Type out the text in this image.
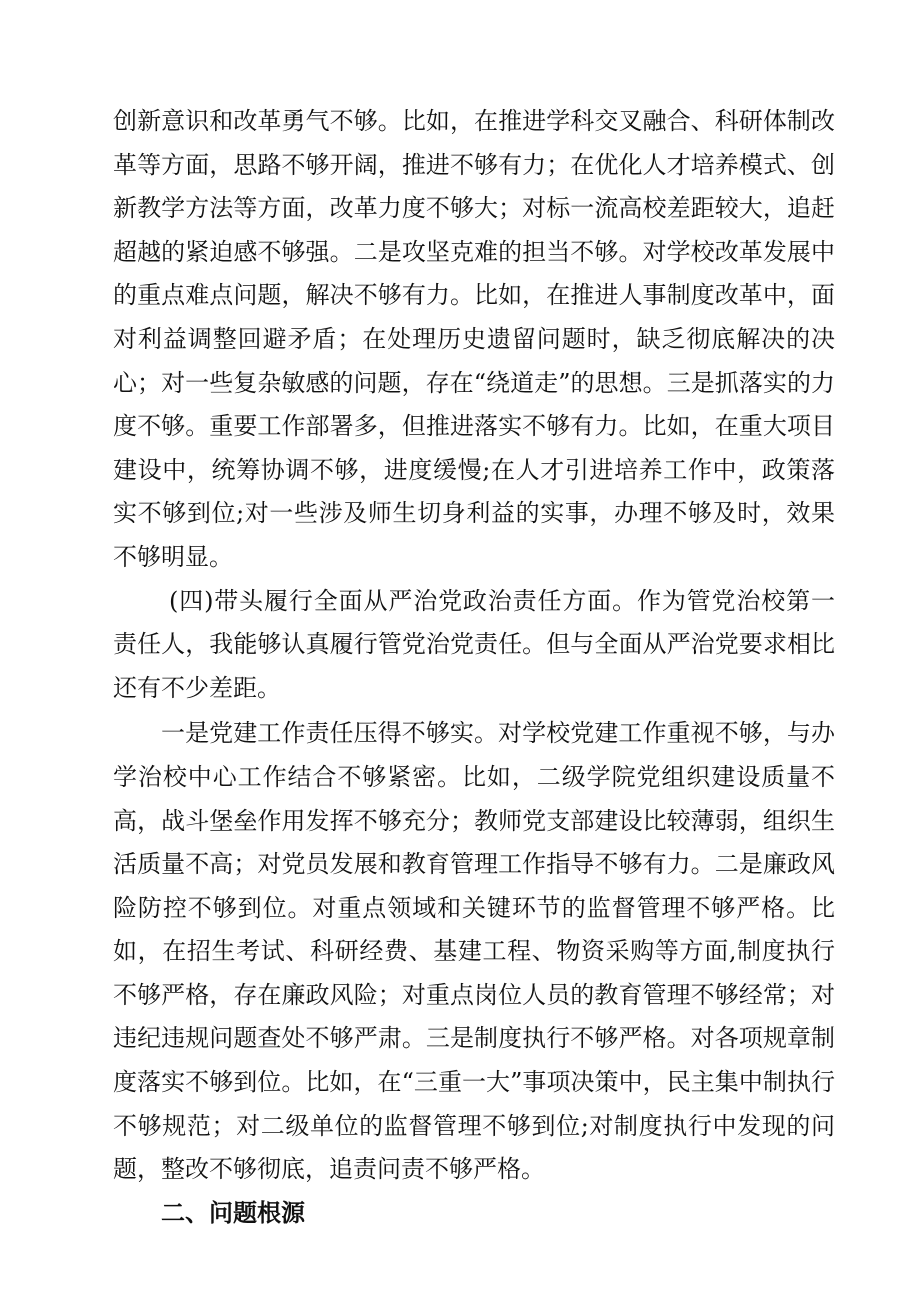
创新意识和改革勇气不够。比如，在推进学科交叉融合、科研体制改革等方面，思路不够开阔，推进不够有力；在优化人才培养模式、创新教学方法等方面，改革力度不够大；对标一流高校差距较大，追赶超越的紧迫感不够强。二是攻坚克难的担当不够。对学校改革发展中的重点难点问题，解决不够有力。比如，在推进人事制度改革中，面对利益调整回避矛盾；在处理历史遗留问题时，缺乏彻底解决的决心；对一些复杂敏感的问题，存在“绕道走”的思想。三是抓落实的力度不够。重要工作部署多，但推进落实不够有力。比如，在重大项目建设中，统筹协调不够，进度缓慢;在人才引进培养工作中，政策落实不够到位;对一些涉及师生切身利益的实事，办理不够及时，效果不够明显。

(四)带头履行全面从严治党政治责任方面。作为管党治校第一责任人，我能够认真履行管党治党责任。但与全面从严治党要求相比还有不少差距。

一是党建工作责任压得不够实。对学校党建工作重视不够，与办学治校中心工作结合不够紧密。比如，二级学院党组织建设质量不高，战斗堡垒作用发挥不够充分；教师党支部建设比较薄弱，组织生活质量不高；对党员发展和教育管理工作指导不够有力。二是廉政风险防控不够到位。对重点领域和关键环节的监督管理不够严格。比如，在招生考试、科研经费、基建工程、物资采购等方面,制度执行不够严格，存在廉政风险；对重点岗位人员的教育管理不够经常；对违纪违规问题查处不够严肃。三是制度执行不够严格。对各项规章制度落实不够到位。比如，在“三重一大”事项决策中，民主集中制执行不够规范；对二级单位的监督管理不够到位;对制度执行中发现的问题，整改不够彻底，追责问责不够严格。

二、问题根源
